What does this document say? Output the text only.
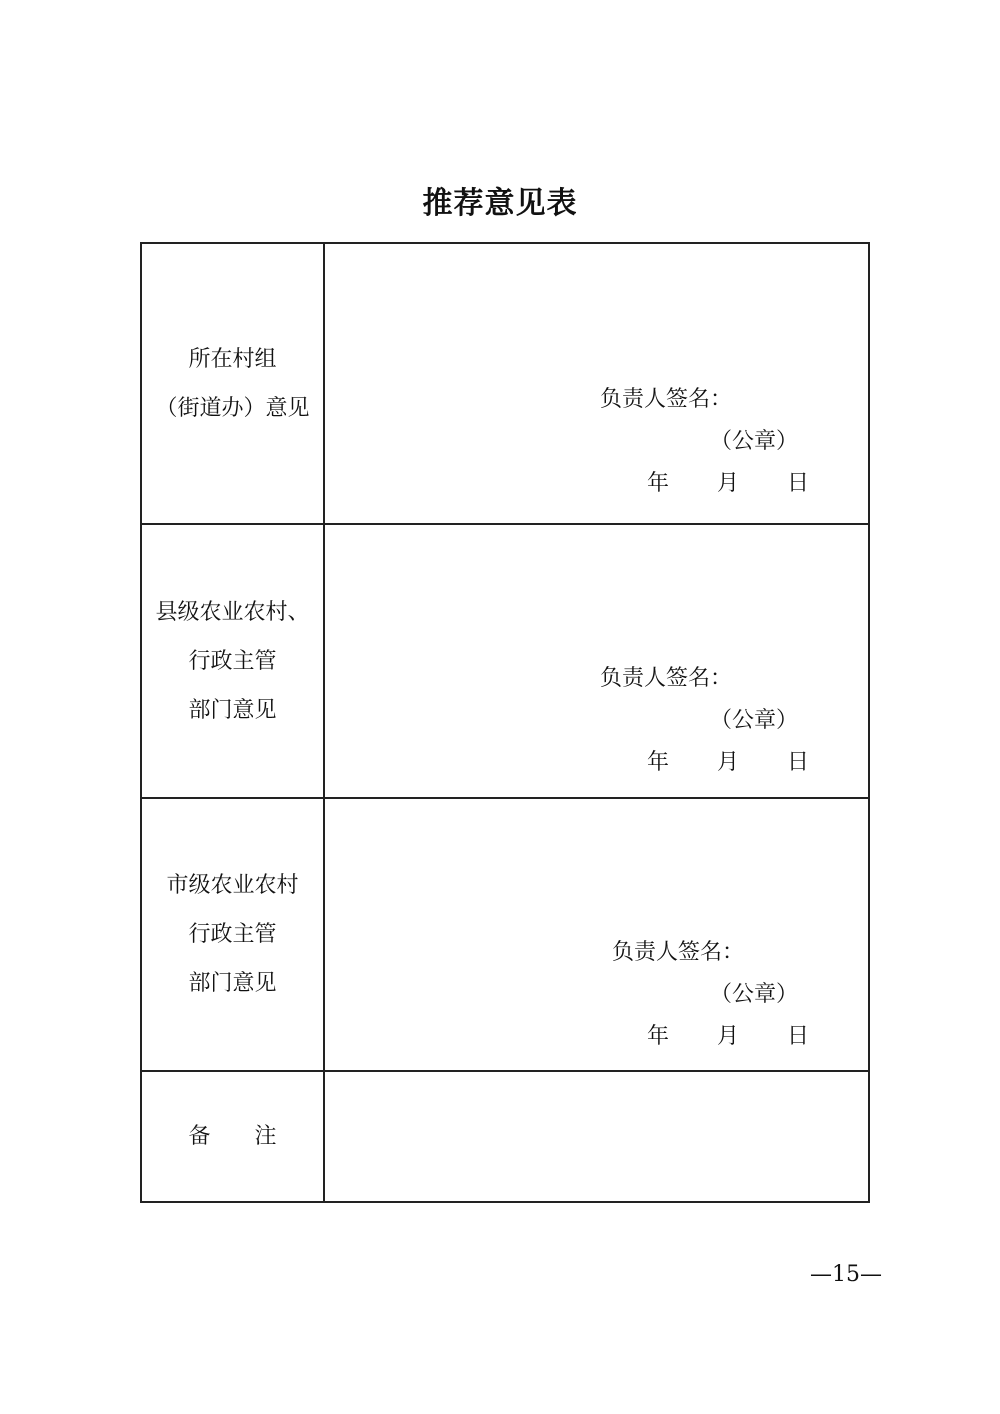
推荐意见表
所在村组
（街道办）意见	负责人签名：
（公章）
年 月 日
县级农业农村、
行政主管
部门意见
负责人签名：
（公章）
年 月 日
市级农业农村
行政主管
部门意见
负责人签名：
（公章）
年 月 日
备　　注
—15—
